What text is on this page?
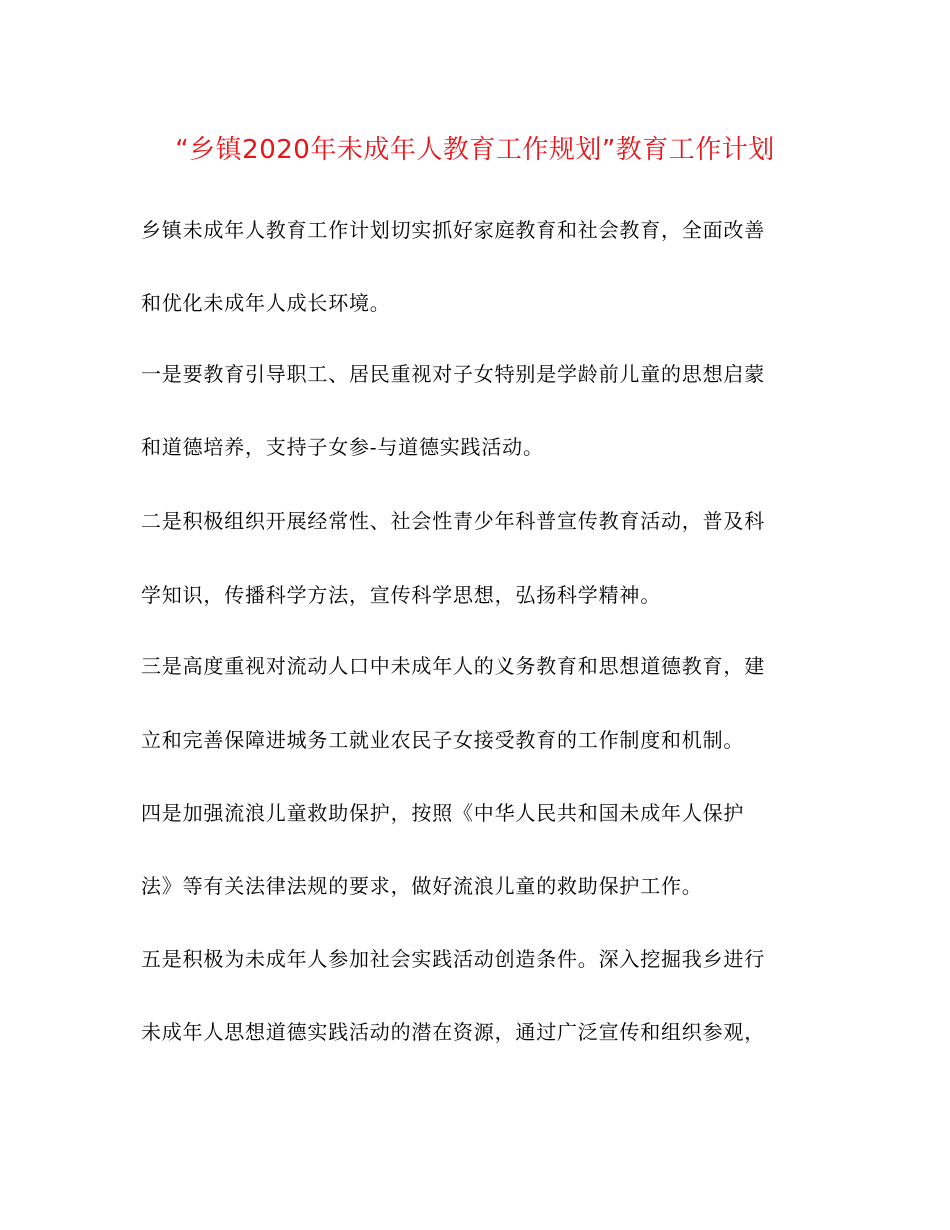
“乡镇2020年未成年人教育工作规划”教育工作计划
乡镇未成年人教育工作计划切实抓好家庭教育和社会教育，全面改善
和优化未成年人成长环境。
一是要教育引导职工、居民重视对子女特别是学龄前儿童的思想启蒙
和道德培养，支持子女参-与道德实践活动。
二是积极组织开展经常性、社会性青少年科普宣传教育活动，普及科
学知识，传播科学方法，宣传科学思想，弘扬科学精神。
三是高度重视对流动人口中未成年人的义务教育和思想道德教育，建
立和完善保障进城务工就业农民子女接受教育的工作制度和机制。
四是加强流浪儿童救助保护，按照《中华人民共和国未成年人保护
法》等有关法律法规的要求，做好流浪儿童的救助保护工作。
五是积极为未成年人参加社会实践活动创造条件。深入挖掘我乡进行
未成年人思想道德实践活动的潜在资源，通过广泛宣传和组织参观，
